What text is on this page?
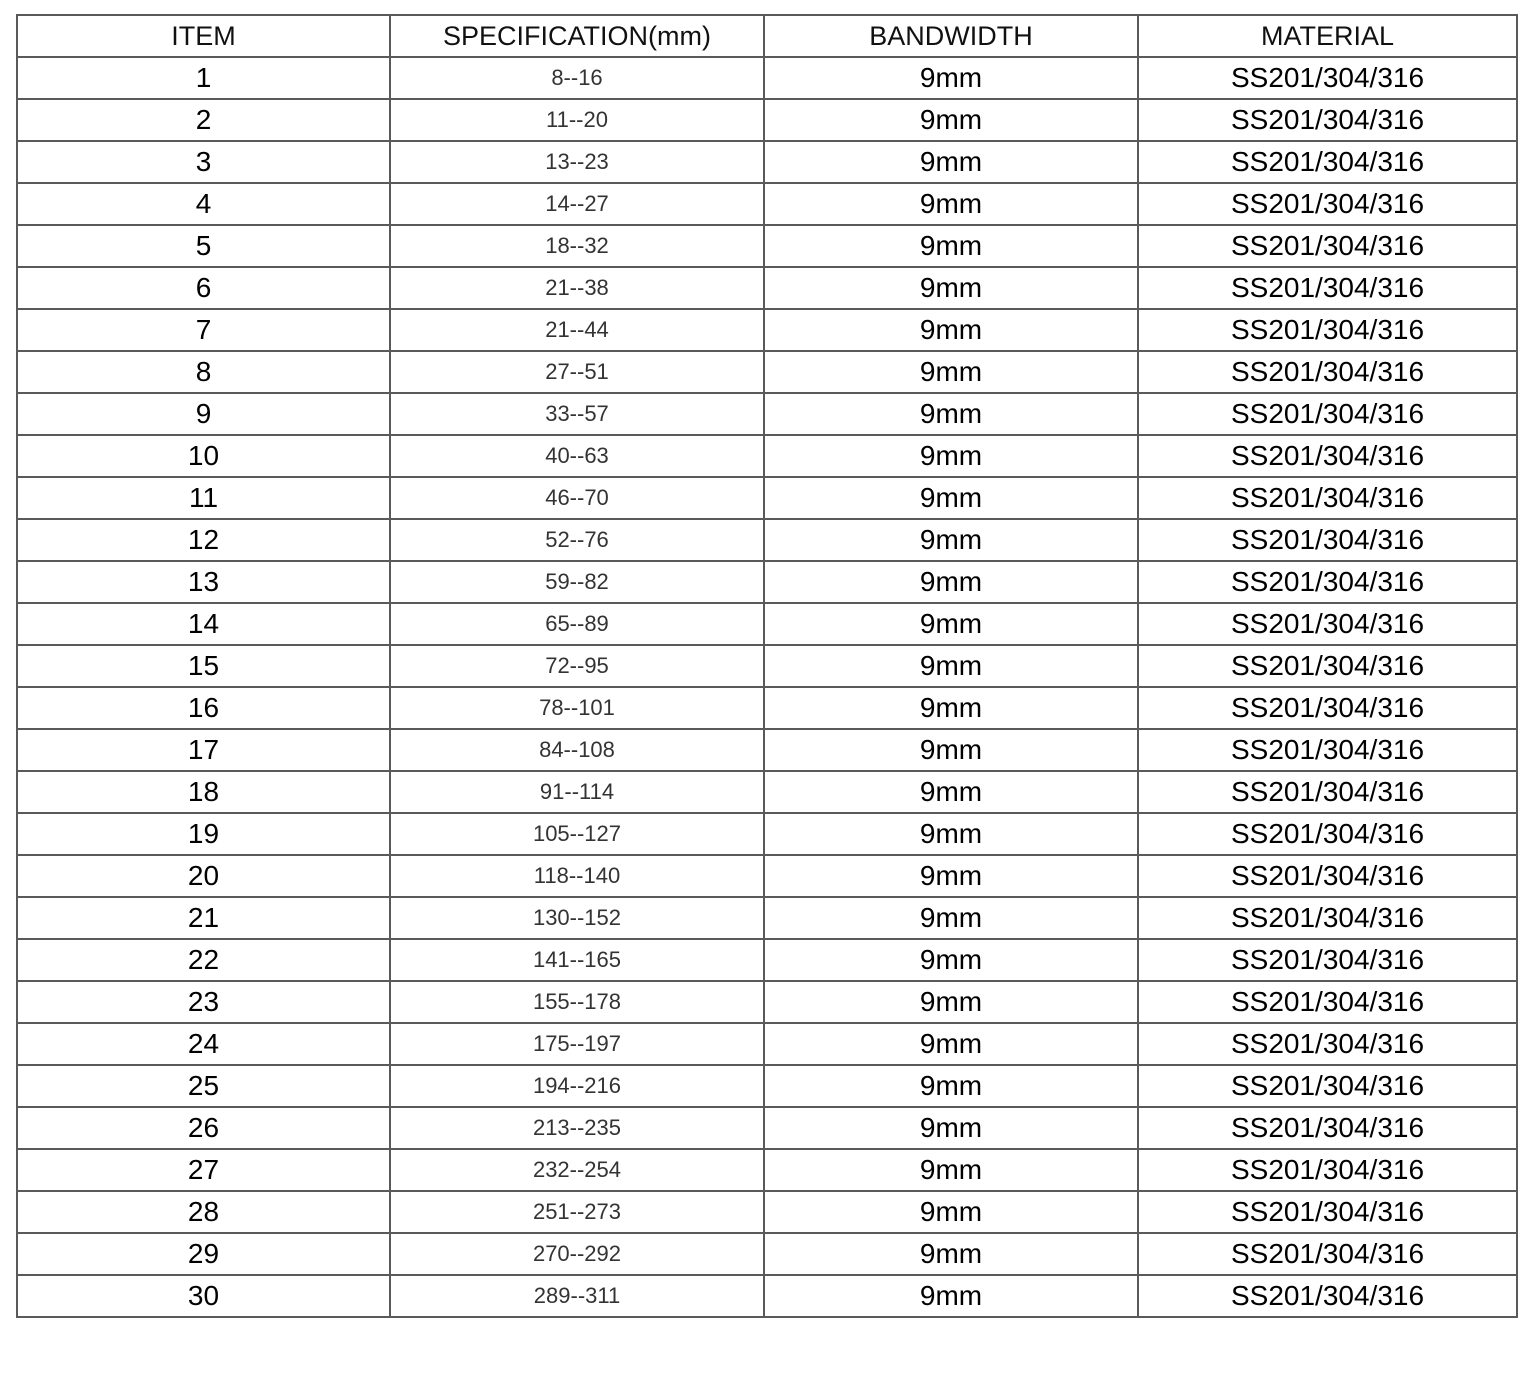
ITEM	SPECIFICATION(mm)	BANDWIDTH	MATERIAL
1	8--16	9mm	SS201/304/316
2	11--20	9mm	SS201/304/316
3	13--23	9mm	SS201/304/316
4	14--27	9mm	SS201/304/316
5	18--32	9mm	SS201/304/316
6	21--38	9mm	SS201/304/316
7	21--44	9mm	SS201/304/316
8	27--51	9mm	SS201/304/316
9	33--57	9mm	SS201/304/316
10	40--63	9mm	SS201/304/316
11	46--70	9mm	SS201/304/316
12	52--76	9mm	SS201/304/316
13	59--82	9mm	SS201/304/316
14	65--89	9mm	SS201/304/316
15	72--95	9mm	SS201/304/316
16	78--101	9mm	SS201/304/316
17	84--108	9mm	SS201/304/316
18	91--114	9mm	SS201/304/316
19	105--127	9mm	SS201/304/316
20	118--140	9mm	SS201/304/316
21	130--152	9mm	SS201/304/316
22	141--165	9mm	SS201/304/316
23	155--178	9mm	SS201/304/316
24	175--197	9mm	SS201/304/316
25	194--216	9mm	SS201/304/316
26	213--235	9mm	SS201/304/316
27	232--254	9mm	SS201/304/316
28	251--273	9mm	SS201/304/316
29	270--292	9mm	SS201/304/316
30	289--311	9mm	SS201/304/316
